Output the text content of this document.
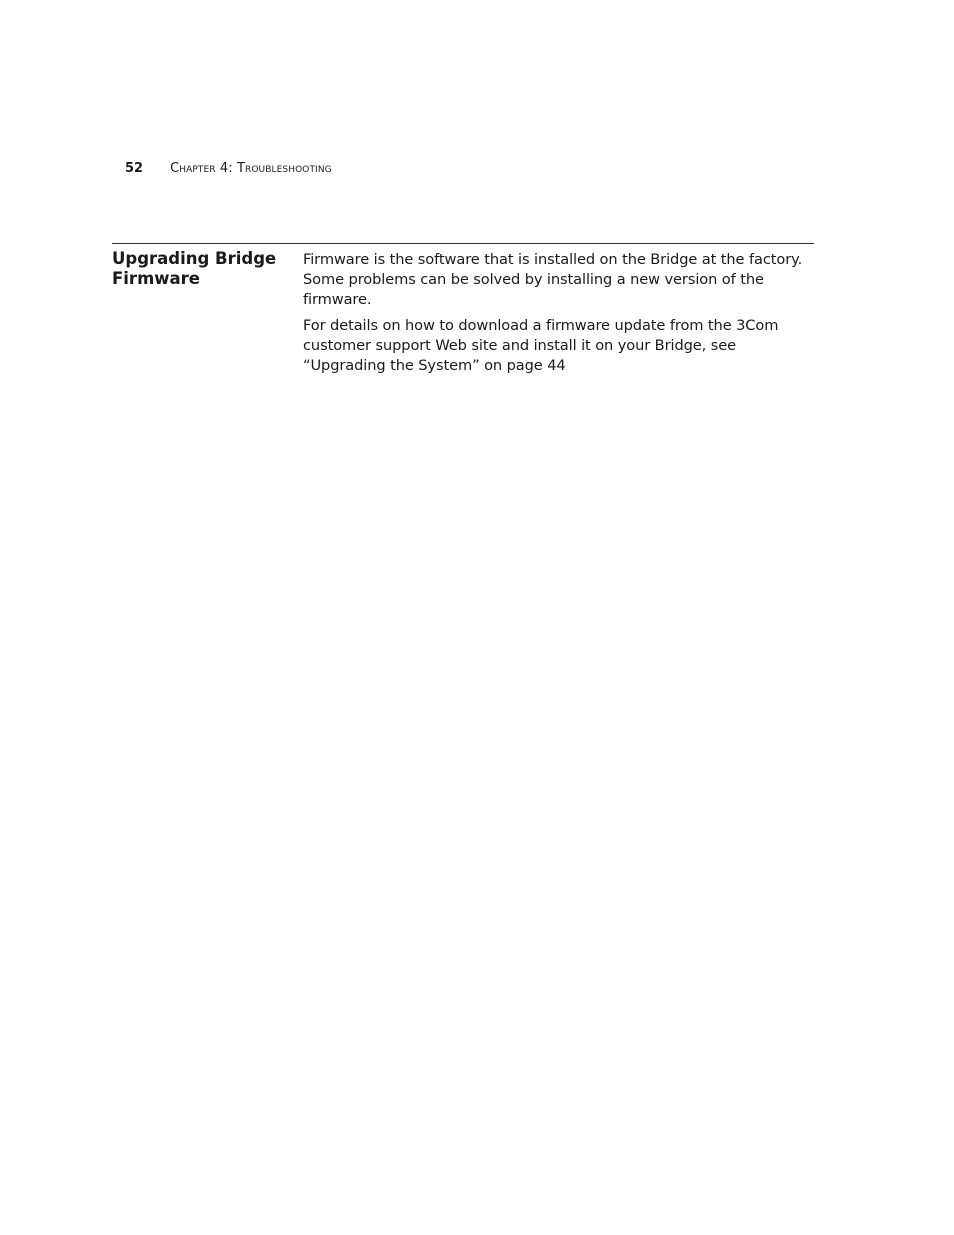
52 Chapter 4: Troubleshooting
Upgrading Bridge Firmware

Firmware is the software that is installed on the Bridge at the factory. Some problems can be solved by installing a new version of the firmware.

For details on how to download a firmware update from the 3Com customer support Web site and install it on your Bridge, see “Upgrading the System” on page 44
